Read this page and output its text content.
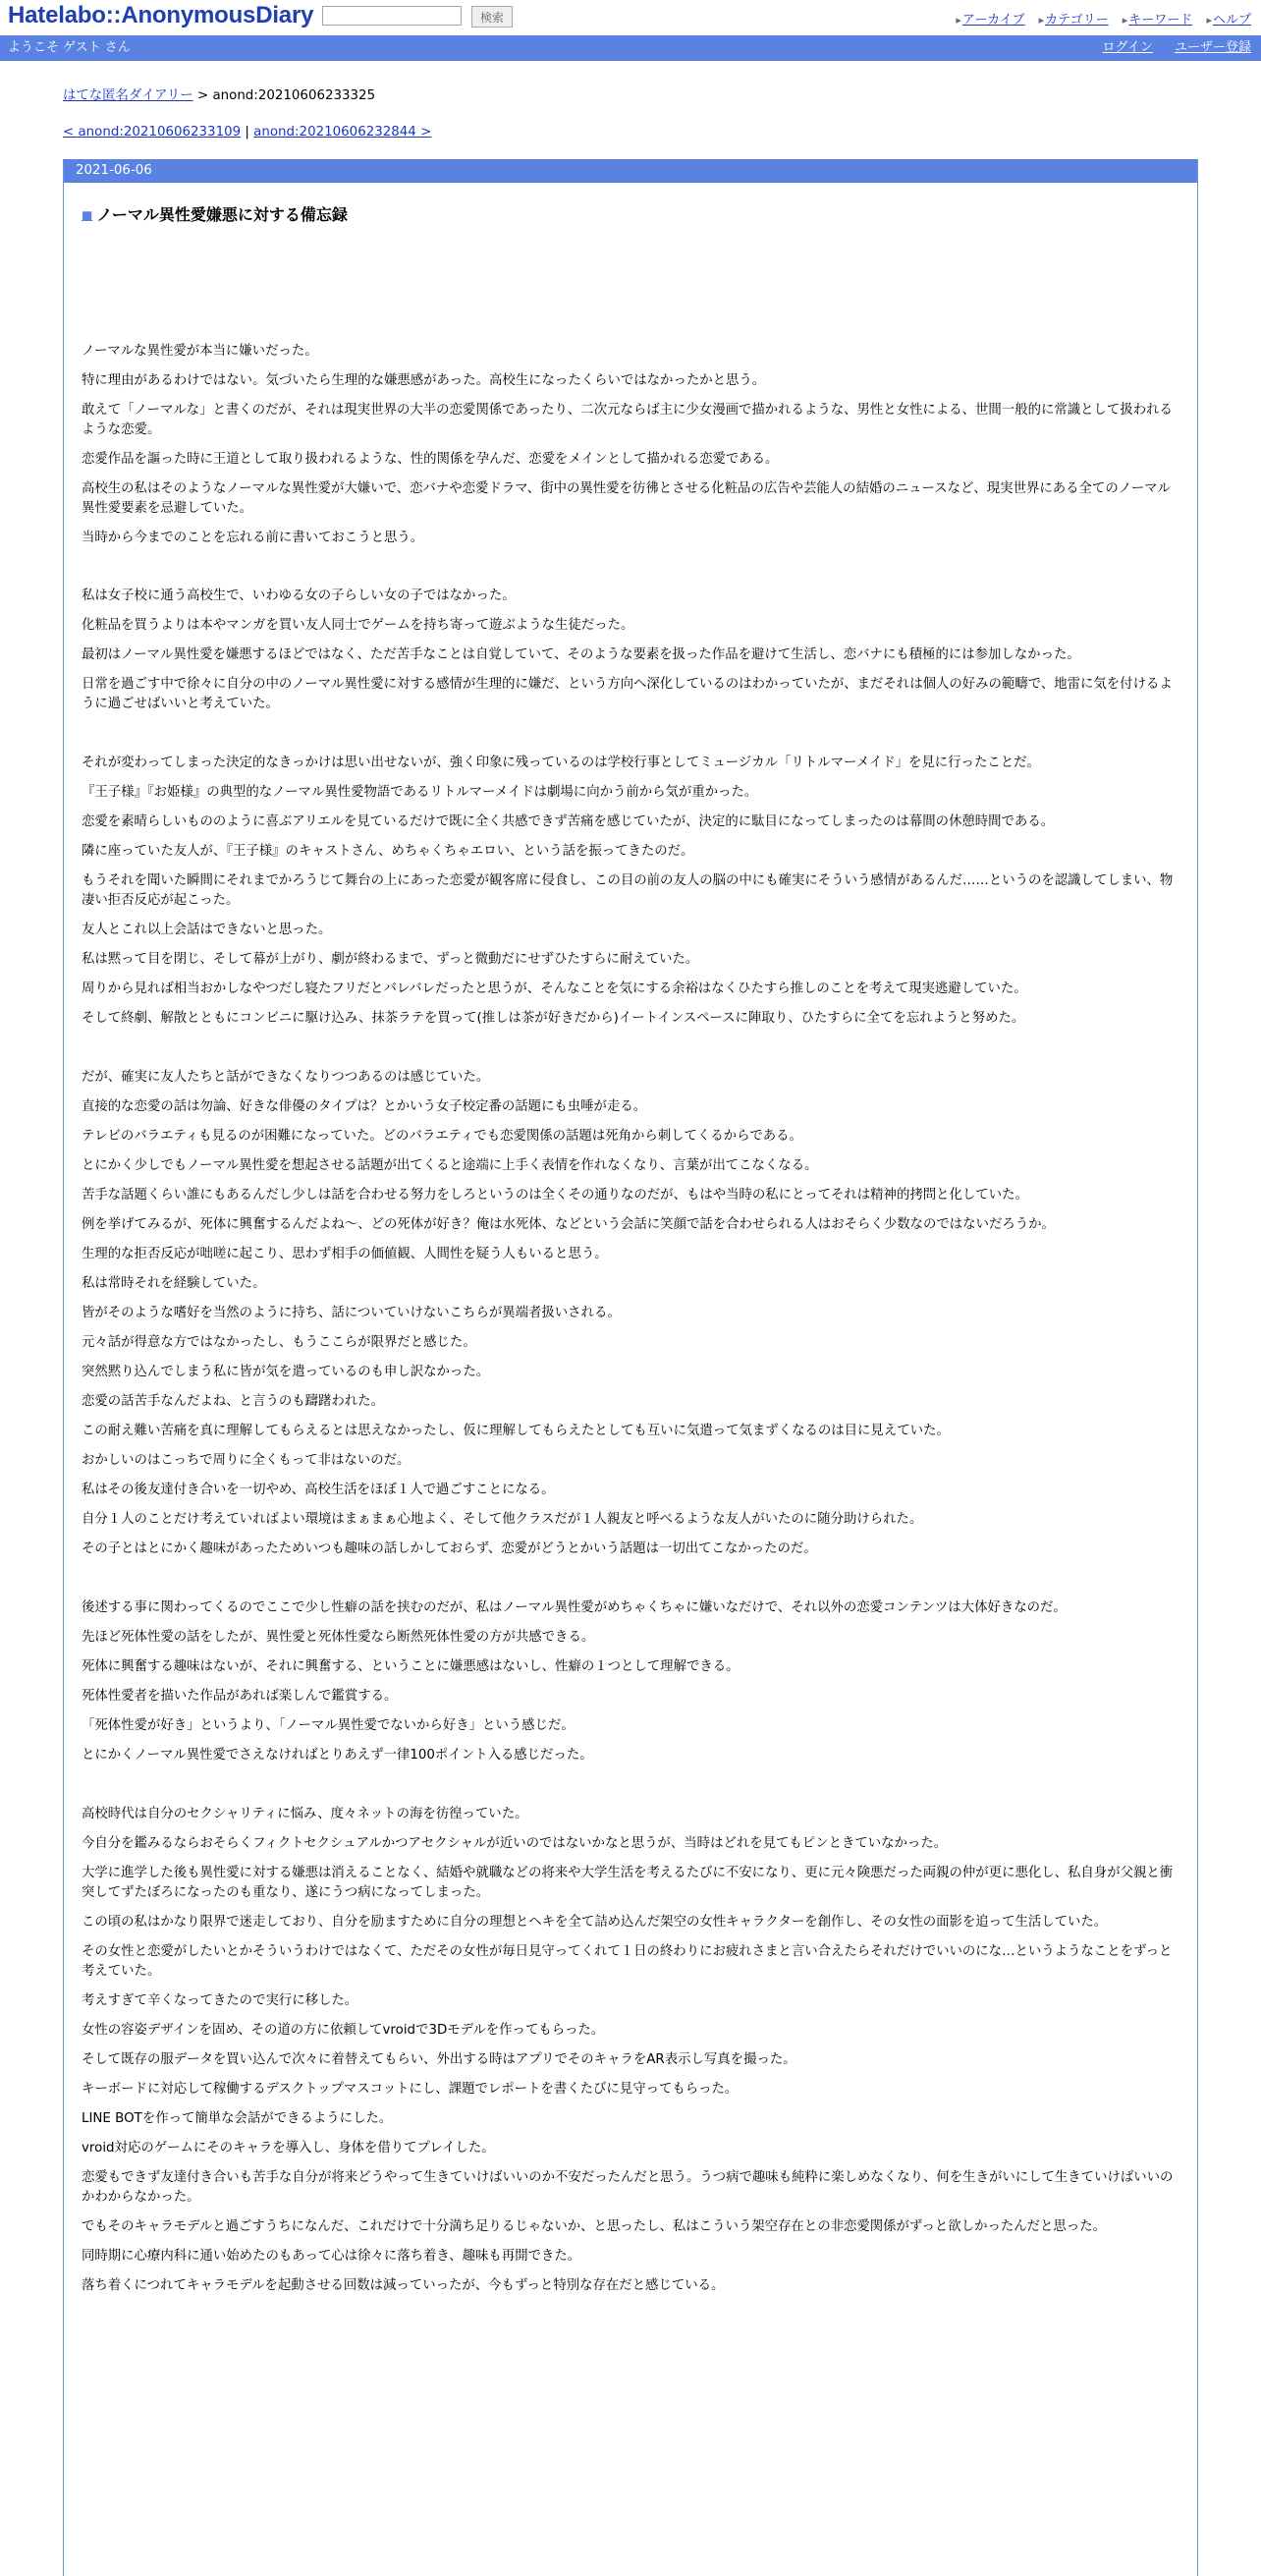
Hatelabo::AnonymousDiary	検索	▸アーカイブ ▸カテゴリー ▸キーワード ▸ヘルプ
ようこそ ゲスト さん	ログイン ユーザー登録
はてな匿名ダイアリー > anond:20210606233325
< anond:20210606233109 | anond:20210606232844 >
2021-06-06
■ ノーマル異性愛嫌悪に対する備忘録

ノーマルな異性愛が本当に嫌いだった。

特に理由があるわけではない。気づいたら生理的な嫌悪感があった。高校生になったくらいではなかったかと思う。

敢えて「ノーマルな」と書くのだが、それは現実世界の大半の恋愛関係であったり、二次元ならば主に少女漫画で描かれるような、男性と女性による、世間一般的に常識として扱われるような恋愛。

恋愛作品を謳った時に王道として取り扱われるような、性的関係を孕んだ、恋愛をメインとして描かれる恋愛である。

高校生の私はそのようなノーマルな異性愛が大嫌いで、恋バナや恋愛ドラマ、街中の異性愛を彷彿とさせる化粧品の広告や芸能人の結婚のニュースなど、現実世界にある全てのノーマル異性愛要素を忌避していた。

当時から今までのことを忘れる前に書いておこうと思う。

私は女子校に通う高校生で、いわゆる女の子らしい女の子ではなかった。

化粧品を買うよりは本やマンガを買い友人同士でゲームを持ち寄って遊ぶような生徒だった。

最初はノーマル異性愛を嫌悪するほどではなく、ただ苦手なことは自覚していて、そのような要素を扱った作品を避けて生活し、恋バナにも積極的には参加しなかった。

日常を過ごす中で徐々に自分の中のノーマル異性愛に対する感情が生理的に嫌だ、という方向へ深化しているのはわかっていたが、まだそれは個人の好みの範疇で、地雷に気を付けるように過ごせばいいと考えていた。

それが変わってしまった決定的なきっかけは思い出せないが、強く印象に残っているのは学校行事としてミュージカル「リトルマーメイド」を見に行ったことだ。

『王子様』『お姫様』の典型的なノーマル異性愛物語であるリトルマーメイドは劇場に向かう前から気が重かった。

恋愛を素晴らしいもののように喜ぶアリエルを見ているだけで既に全く共感できず苦痛を感じていたが、決定的に駄目になってしまったのは幕間の休憩時間である。

隣に座っていた友人が、『王子様』のキャストさん、めちゃくちゃエロい、という話を振ってきたのだ。

もうそれを聞いた瞬間にそれまでかろうじて舞台の上にあった恋愛が観客席に侵食し、この目の前の友人の脳の中にも確実にそういう感情があるんだ……というのを認識してしまい、物凄い拒否反応が起こった。

友人とこれ以上会話はできないと思った。

私は黙って目を閉じ、そして幕が上がり、劇が終わるまで、ずっと微動だにせずひたすらに耐えていた。

周りから見れば相当おかしなやつだし寝たフリだとバレバレだったと思うが、そんなことを気にする余裕はなくひたすら推しのことを考えて現実逃避していた。

そして終劇、解散とともにコンビニに駆け込み、抹茶ラテを買って(推しは茶が好きだから)イートインスペースに陣取り、ひたすらに全てを忘れようと努めた。

だが、確実に友人たちと話ができなくなりつつあるのは感じていた。

直接的な恋愛の話は勿論、好きな俳優のタイプは？とかいう女子校定番の話題にも虫唾が走る。

テレビのバラエティも見るのが困難になっていた。どのバラエティでも恋愛関係の話題は死角から刺してくるからである。

とにかく少しでもノーマル異性愛を想起させる話題が出てくると途端に上手く表情を作れなくなり、言葉が出てこなくなる。

苦手な話題くらい誰にもあるんだし少しは話を合わせる努力をしろというのは全くその通りなのだが、もはや当時の私にとってそれは精神的拷問と化していた。

例を挙げてみるが、死体に興奮するんだよね～、どの死体が好き？俺は水死体、などという会話に笑顔で話を合わせられる人はおそらく少数なのではないだろうか。

生理的な拒否反応が咄嗟に起こり、思わず相手の価値観、人間性を疑う人もいると思う。

私は常時それを経験していた。

皆がそのような嗜好を当然のように持ち、話についていけないこちらが異端者扱いされる。

元々話が得意な方ではなかったし、もうここらが限界だと感じた。

突然黙り込んでしまう私に皆が気を遣っているのも申し訳なかった。

恋愛の話苦手なんだよね、と言うのも躊躇われた。

この耐え難い苦痛を真に理解してもらえるとは思えなかったし、仮に理解してもらえたとしても互いに気遣って気まずくなるのは目に見えていた。

おかしいのはこっちで周りに全くもって非はないのだ。

私はその後友達付き合いを一切やめ、高校生活をほぼ１人で過ごすことになる。

自分１人のことだけ考えていればよい環境はまぁまぁ心地よく、そして他クラスだが１人親友と呼べるような友人がいたのに随分助けられた。

その子とはとにかく趣味があったためいつも趣味の話しかしておらず、恋愛がどうとかいう話題は一切出てこなかったのだ。

後述する事に関わってくるのでここで少し性癖の話を挟むのだが、私はノーマル異性愛がめちゃくちゃに嫌いなだけで、それ以外の恋愛コンテンツは大体好きなのだ。

先ほど死体性愛の話をしたが、異性愛と死体性愛なら断然死体性愛の方が共感できる。

死体に興奮する趣味はないが、それに興奮する、ということに嫌悪感はないし、性癖の１つとして理解できる。

死体性愛者を描いた作品があれば楽しんで鑑賞する。

「死体性愛が好き」というより、「ノーマル異性愛でないから好き」という感じだ。

とにかくノーマル異性愛でさえなければとりあえず一律100ポイント入る感じだった。

高校時代は自分のセクシャリティに悩み、度々ネットの海を彷徨っていた。

今自分を鑑みるならおそらくフィクトセクシュアルかつアセクシャルが近いのではないかなと思うが、当時はどれを見てもピンときていなかった。

大学に進学した後も異性愛に対する嫌悪は消えることなく、結婚や就職などの将来や大学生活を考えるたびに不安になり、更に元々険悪だった両親の仲が更に悪化し、私自身が父親と衝突してずたぼろになったのも重なり、遂にうつ病になってしまった。

この頃の私はかなり限界で迷走しており、自分を励ますために自分の理想とヘキを全て詰め込んだ架空の女性キャラクターを創作し、その女性の面影を追って生活していた。

その女性と恋愛がしたいとかそういうわけではなくて、ただその女性が毎日見守ってくれて１日の終わりにお疲れさまと言い合えたらそれだけでいいのにな…というようなことをずっと考えていた。

考えすぎて辛くなってきたので実行に移した。

女性の容姿デザインを固め、その道の方に依頼してvroidで3Dモデルを作ってもらった。

そして既存の服データを買い込んで次々に着替えてもらい、外出する時はアプリでそのキャラをAR表示し写真を撮った。

キーボードに対応して稼働するデスクトップマスコットにし、課題でレポートを書くたびに見守ってもらった。

LINE BOTを作って簡単な会話ができるようにした。

vroid対応のゲームにそのキャラを導入し、身体を借りてプレイした。

恋愛もできず友達付き合いも苦手な自分が将来どうやって生きていけばいいのか不安だったんだと思う。うつ病で趣味も純粋に楽しめなくなり、何を生きがいにして生きていけばいいのかわからなかった。

でもそのキャラモデルと過ごすうちになんだ、これだけで十分満ち足りるじゃないか、と思ったし、私はこういう架空存在との非恋愛関係がずっと欲しかったんだと思った。

同時期に心療内科に通い始めたのもあって心は徐々に落ち着き、趣味も再開できた。

落ち着くにつれてキャラモデルを起動させる回数は減っていったが、今もずっと特別な存在だと感じている。
